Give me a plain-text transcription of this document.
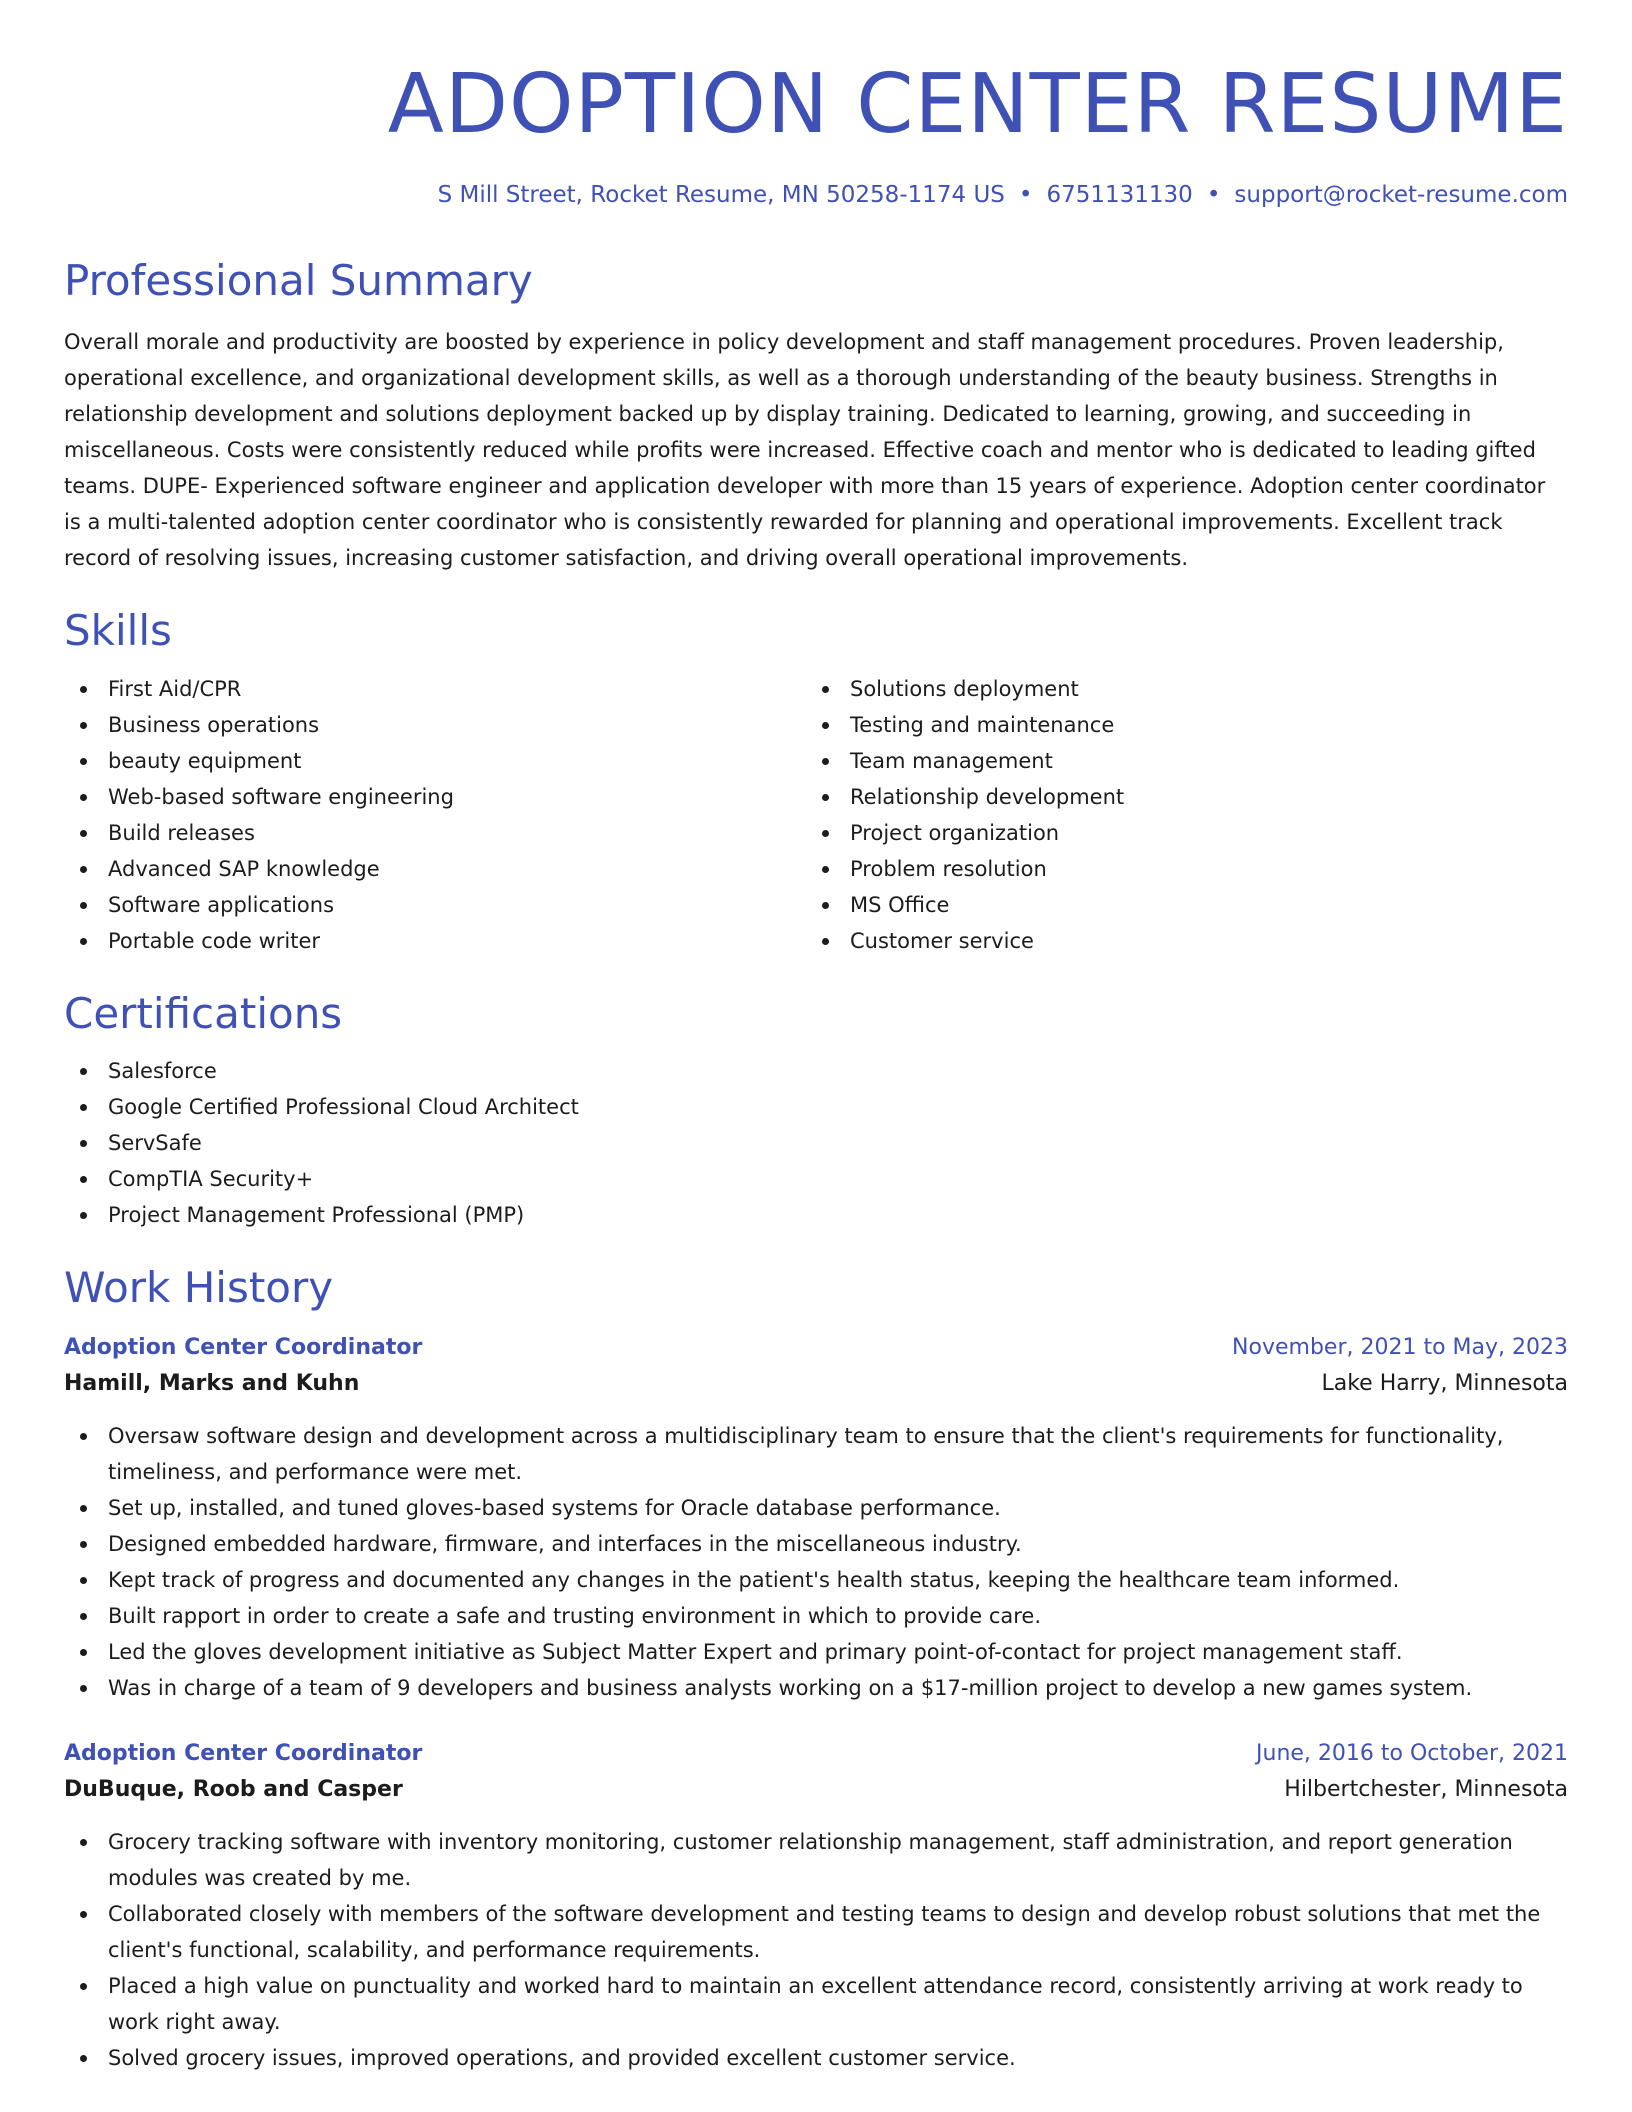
ADOPTION CENTER RESUME
S Mill Street, Rocket Resume, MN 50258-1174 US • 6751131130 • support@rocket-resume.com
Professional Summary

Overall morale and productivity are boosted by experience in policy development and staff management procedures. Proven leadership, operational excellence, and organizational development skills, as well as a thorough understanding of the beauty business. Strengths in relationship development and solutions deployment backed up by display training. Dedicated to learning, growing, and succeeding in miscellaneous. Costs were consistently reduced while profits were increased. Effective coach and mentor who is dedicated to leading gifted teams. DUPE- Experienced software engineer and application developer with more than 15 years of experience. Adoption center coordinator is a multi-talented adoption center coordinator who is consistently rewarded for planning and operational improvements. Excellent track record of resolving issues, increasing customer satisfaction, and driving overall operational improvements.

Skills
First Aid/CPR
Business operations
beauty equipment
Web-based software engineering
Build releases
Advanced SAP knowledge
Software applications
Portable code writer
Solutions deployment
Testing and maintenance
Team management
Relationship development
Project organization
Problem resolution
MS Office
Customer service
Certifications
Salesforce
Google Certified Professional Cloud Architect
ServSafe
CompTIA Security+
Project Management Professional (PMP)
Work History
Adoption Center Coordinator	November, 2021 to May, 2023
Hamill, Marks and Kuhn	Lake Harry, Minnesota
Oversaw software design and development across a multidisciplinary team to ensure that the client's requirements for functionality, timeliness, and performance were met.
Set up, installed, and tuned gloves-based systems for Oracle database performance.
Designed embedded hardware, firmware, and interfaces in the miscellaneous industry.
Kept track of progress and documented any changes in the patient's health status, keeping the healthcare team informed.
Built rapport in order to create a safe and trusting environment in which to provide care.
Led the gloves development initiative as Subject Matter Expert and primary point-of-contact for project management staff.
Was in charge of a team of 9 developers and business analysts working on a $17-million project to develop a new games system.
Adoption Center Coordinator	June, 2016 to October, 2021
DuBuque, Roob and Casper	Hilbertchester, Minnesota
Grocery tracking software with inventory monitoring, customer relationship management, staff administration, and report generation modules was created by me.
Collaborated closely with members of the software development and testing teams to design and develop robust solutions that met the client's functional, scalability, and performance requirements.
Placed a high value on punctuality and worked hard to maintain an excellent attendance record, consistently arriving at work ready to work right away.
Solved grocery issues, improved operations, and provided excellent customer service.
